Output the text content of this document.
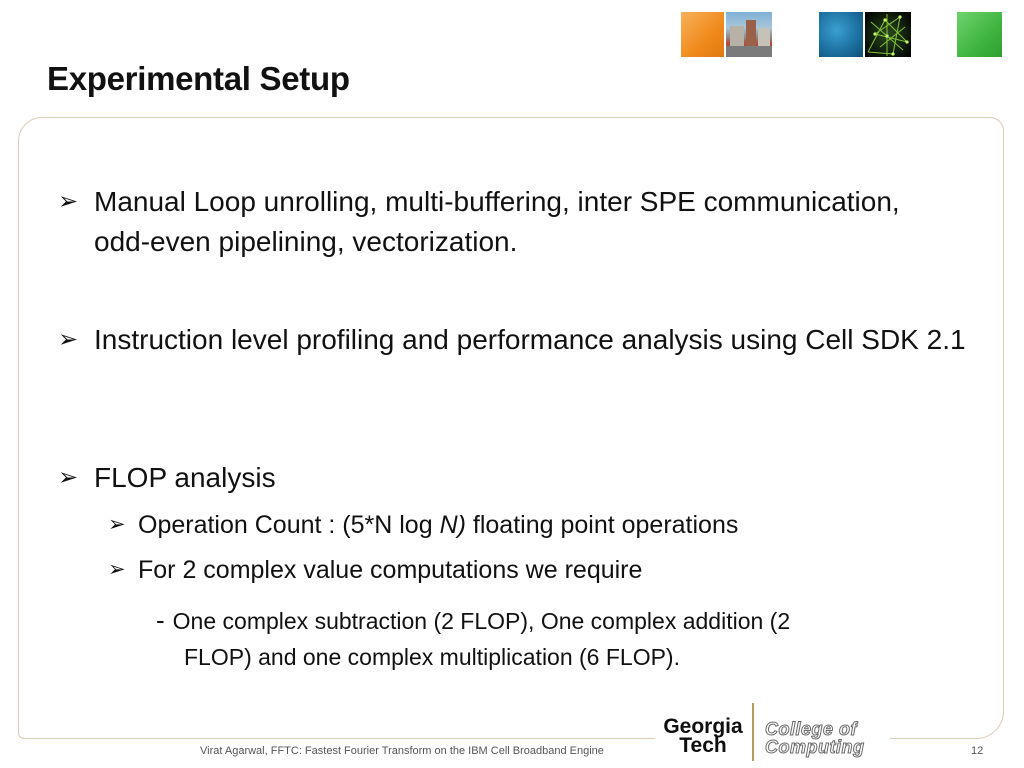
Experimental Setup
➢ Manual Loop unrolling, multi-buffering, inter SPE communication, odd-even pipelining, vectorization.
➢ Instruction level profiling and performance analysis using Cell SDK 2.1
➢ FLOP analysis
➢ Operation Count : (5*N log N) floating point operations
➢ For 2 complex value computations we require
- One complex subtraction (2 FLOP), One complex addition (2
FLOP) and one complex multiplication (6 FLOP).
Georgia
Tech
College of
Computing
Virat Agarwal, FFTC: Fastest Fourier Transform on the IBM Cell Broadband Engine	12
